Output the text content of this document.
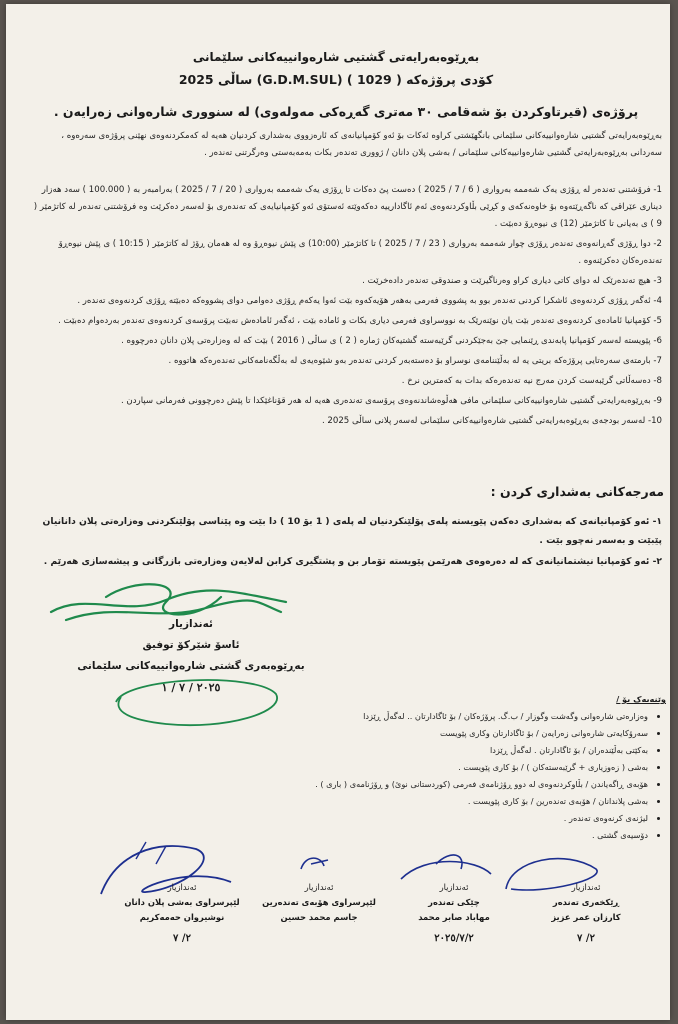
بەڕێوەبەرایەتی گشتیی شارەوانییەکانی سلێمانی
کۆدی پرۆژەکە ( 1029 ) (G.D.M.SUL) ساڵی 2025
پرۆژەی (قیرتاوکردن بۆ شەقامی ٣٠ مەتری گەڕەکی مەولەوی) لە سنووری شارەوانی زەرایەن .
بەڕێوەبەرایەتی گشتیی شارەوانییەکانی سلێمانی بانگهێشتی کراوە ئەکات بۆ ئەو کۆمپانیانەی کە ئارەزووی بەشداری کردنیان هەیە لە کەمکردنەوەی نهێنی پرۆژەی سەرەوە ، سەردانی بەڕێوەبەرایەتی گشتیی شارەوانییەکانی سلێمانی / بەشی پلان دانان / ژووری تەندەر بکات بەمەبەستی وەرگرتنی تەندەر .
1- فرۆشتنی تەندەر لە ڕۆژی یەک شەممە بەرواری ( 6 / 7 / 2025 ) دەست پێ دەکات تا ڕۆژی یەک شەممە بەرواری ( 20 / 7 / 2025 ) بەرامبەر بە ( 100.000 ) سەد هەزار دیناری عێراقی کە ناگەڕێتەوە بۆ خاوەنەکەی و کڕێی بڵاوکردنەوەی ئەم ئاگادارییە دەکەوێتە ئەستۆی ئەو کۆمپانیایەی کە تەندەری بۆ لەسەر دەکرێت وە فرۆشتنی تەندەر لە کاتژمێر ( 9 ) ی بەیانی تا کاتژمێر (12) ی نیوەڕۆ دەبێت .
2- دوا ڕۆژی گەڕانەوەی تەندەر ڕۆژی چوار شەممە بەرواری ( 23 / 7 / 2025 ) تا کاتژمێر (10:00) ی پێش نیوەڕۆ وە لە هەمان ڕۆژ لە کاتژمێر ( 10:15 ) ی پێش نیوەڕۆ تەندەرەکان دەکرێنەوە .
3- هیچ تەندەرێک لە دوای کاتی دیاری کراو وەرناگیرێت و صندوقی تەندەر دادەخرێت .
4- ئەگەر ڕۆژی کردنەوەی ئاشکرا کردنی تەندەر بوو بە پشووی فەرمی بەهەر هۆیەکەوە بێت ئەوا یەکەم ڕۆژی دەوامی دوای پشووەکە دەبێتە ڕۆژی کردنەوەی تەندەر .
5- کۆمپانیا ئامادەی کردنەوەی تەندەر بێت یان نوێنەرێک بە نووسراوی فەرمی دیاری بکات و ئامادە بێت ، ئەگەر ئامادەش نەبێت پرۆسەی کردنەوەی تەندەر بەردەوام دەبێت .
6- پێویستە لەسەر کۆمپانیا پابەندی ڕێنمایی جێ بەجێکردنی گرێبەستە گشتیەکان ژمارە ( 2 ) ی ساڵی ( 2016 ) بێت کە لە وەزارەتی پلان دانان دەرچووە .
7- بارمتەی سەرەتایی پرۆژەکە بریتی یە لە بەڵێننامەی نوسراو بۆ دەستەبەر کردنی تەندەر بەو شێوەیەی لە بەڵگەنامەکانی تەندەرەکە هاتووە .
8- دەسەڵاتی گرێبەست کردن مەرج نیە تەندەرەکە بدات بە کەمترین نرخ .
9- بەڕێوەبەرایەتی گشتیی شارەوانییەکانی سلێمانی مافی هەڵوەشاندنەوەی پرۆسەی تەندەری هەیە لە هەر قۆناغێکدا تا پێش دەرچوونی فەرمانی سپاردن .
10- لەسەر بودجەی بەڕێوەبەرایەتی گشتیی شارەوانییەکانی سلێمانی لەسەر پلانی ساڵی 2025 .
مەرجەکانی بەشداری کردن :
١- ئەو کۆمپانیانەی کە بەشداری دەکەن پێویستە پلەی پۆلێنکردنیان لە پلەی ( 1 بۆ 10 ) دا بێت وە پێناسی پۆلێنکردنی وەزارەتی پلان دانانیان پێبێت و بەسەر نەچوو بێت .
٢- ئەو کۆمپانیا نیشتمانیانەی کە لە دەرەوەی هەرێمن پێویستە تۆمار بن و پشتگیری کرابن لەلایەن وەزارەتی بازرگانی و پیشەسازی هەرێم .
ئەندازیار
ئاسۆ شێرکۆ توفیق
بەڕێوەبەری گشتی شارەوانییەکانی سلێمانی
٢٠٢٥ / ٧ / ١
وێنەیەک بۆ /
• وەزارەتی شارەوانی وگەشت وگوزار / ب.گ. پرۆژەکان / بۆ ئاگادارتان .. لەگەڵ ڕێزدا
• سەرۆکایەتی شارەوانی زەرایەن / بۆ ئاگادارتان وکاری پێویست
• بەکێتی بەڵێندەران / بۆ ئاگادارتان . لەگەڵ ڕێزدا
• بەشی ( زەوزیاری + گرێبەستەکان ) / بۆ کاری پێویست .
• هۆبەی ڕاگەیاندن / بڵاوکردنەوەی لە دوو ڕۆژنامەی فەرمی (کوردستانی نوێ) و ڕۆژنامەی ( باری ) .
• بەشی پلاندانان / هۆبەی تەندەرین / بۆ کاری پێویست .
• لیژنەی کرنەوەی تەندەر .
• دۆسیەی گشتی .
ئەندازیار
لێپرسراوی بەشی پلان دانان
نوشیروان حەمەکریم
٢/ ٧
ئەندازیار
لێپرسراوی هۆبەی تەندەرین
جاسم محمد حسین
ئەندازیار
چێکی تەندەر
مهاباد صابر محمد
٢٠٢٥/٧/٢
ئەندازیار
ڕێکخەری تەندەر
کارزان عمر عزیز
٢/ ٧
